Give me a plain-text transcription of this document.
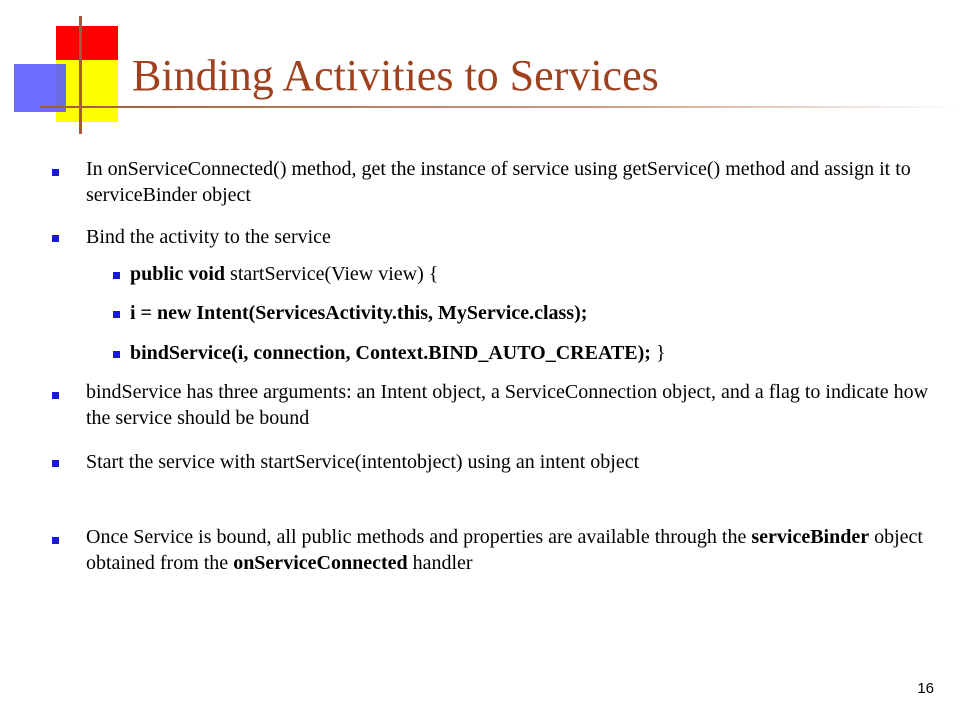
Binding Activities to Services
In onServiceConnected() method, get the instance of service using getService() method and assign it to serviceBinder object
Bind the activity to the service
public void startService(View view) {
i = new Intent(ServicesActivity.this, MyService.class);
bindService(i, connection, Context.BIND_AUTO_CREATE); }
bindService has three arguments: an Intent object, a ServiceConnection object, and a flag to indicate how the service should be bound
Start the service with startService(intentobject) using an intent object
Once Service is bound, all public methods and properties are available through the serviceBinder object obtained from the onServiceConnected handler
16
